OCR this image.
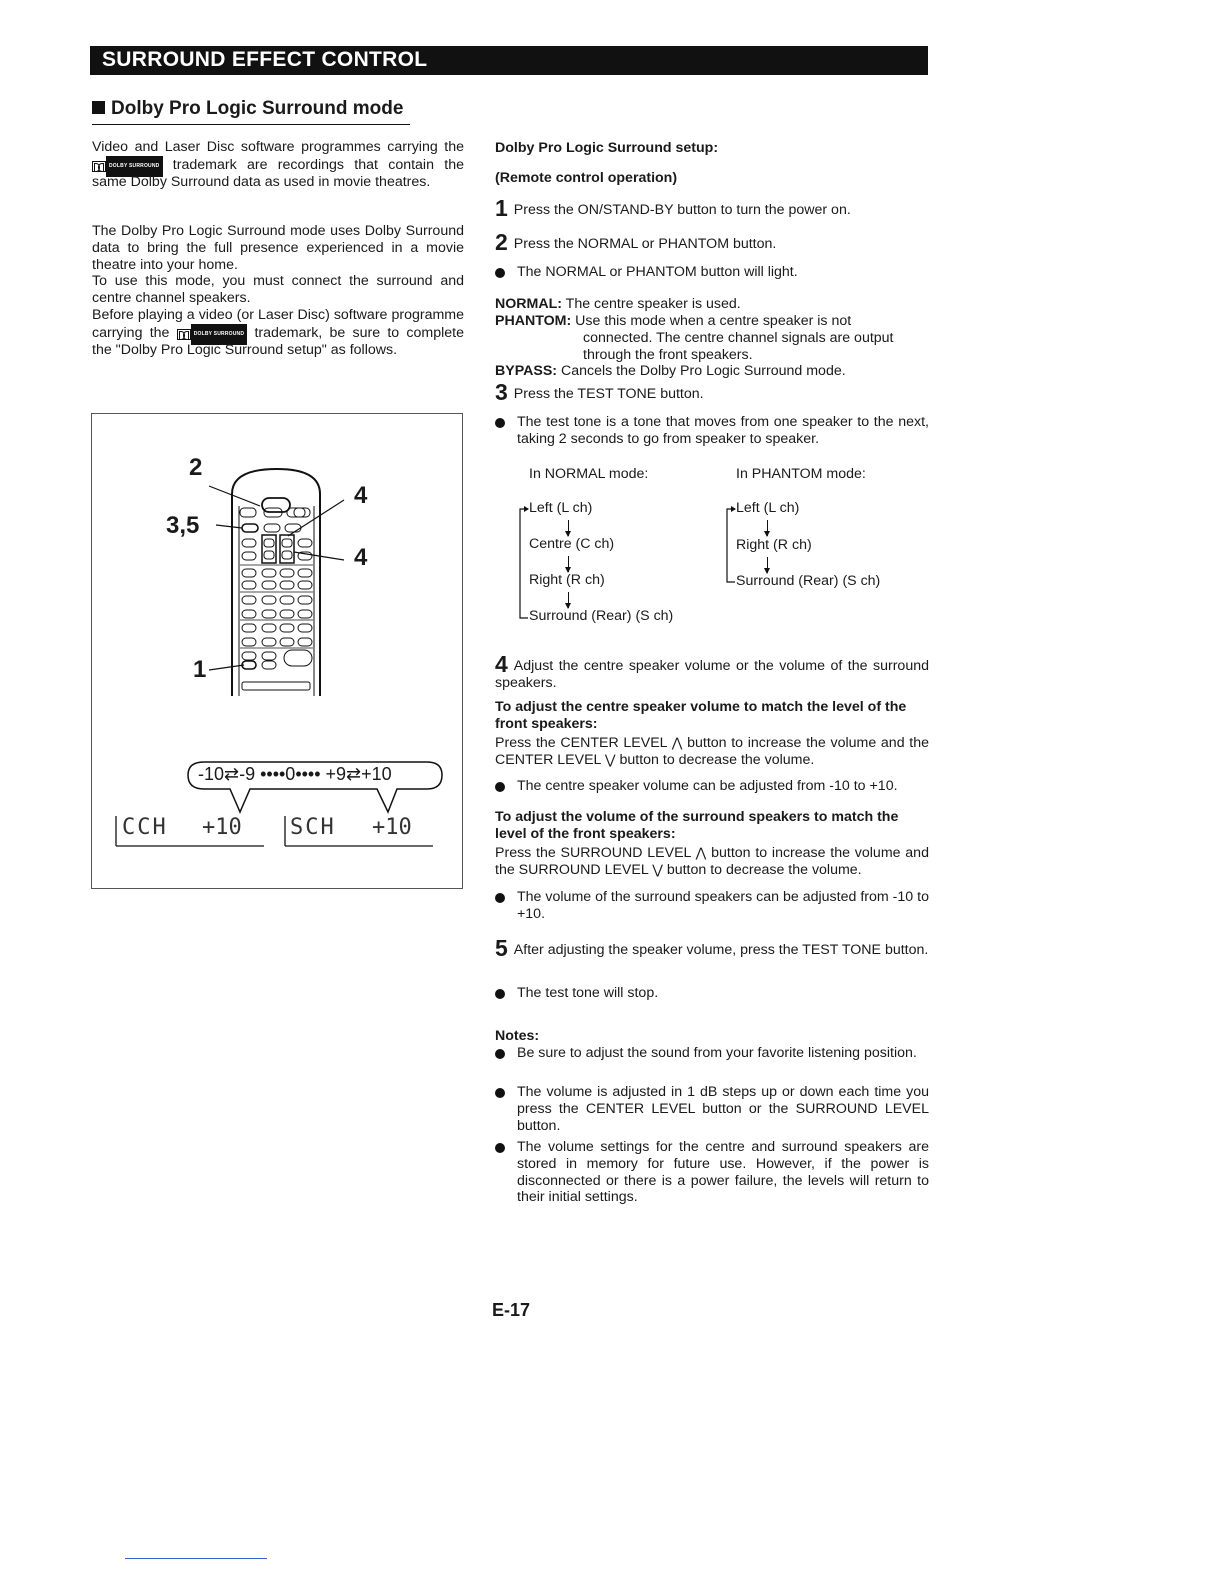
SURROUND EFFECT CONTROL
Dolby Pro Logic Surround mode

Video and Laser Disc software programmes carrying the DOLBY SURROUND trademark are recordings that contain the same Dolby Surround data as used in movie theatres.

The Dolby Pro Logic Surround mode uses Dolby Surround data to bring the full presence experienced in a movie theatre into your home.

To use this mode, you must connect the surround and centre channel speakers.

Before playing a video (or Laser Disc) software programme carrying the	DOLBY SURROUND trademark, be sure to complete the "Dolby Pro Logic Surround setup" as follows.

2
3,5
4
4
1
-10⇄-9 ••••0•••• +9⇄+10
CCH +10 SCH +10
Dolby Pro Logic Surround setup:
(Remote control operation)
1 Press the ON/STAND-BY button to turn the power on.
2 Press the NORMAL or PHANTOM button.
The NORMAL or PHANTOM button will light.
NORMAL: The centre speaker is used.
PHANTOM: Use this mode when a centre speaker is not
connected. The centre channel signals are output through the front speakers.
BYPASS: Cancels the Dolby Pro Logic Surround mode.
3 Press the TEST TONE button.
The test tone is a tone that moves from one speaker to the next, taking 2 seconds to go from speaker to speaker.
In NORMAL mode:	In PHANTOM mode:
Left (L ch)
Centre (C ch)
Right (R ch)
Surround (Rear) (S ch)
Left (L ch)
Right (R ch)
Surround (Rear) (S ch)
4 Adjust the centre speaker volume or the volume of the surround speakers.
To adjust the centre speaker volume to match the level of the front speakers:
Press the CENTER LEVEL ⋀ button to increase the volume and the CENTER LEVEL ⋁ button to decrease the volume.
The centre speaker volume can be adjusted from -10 to +10.
To adjust the volume of the surround speakers to match the level of the front speakers:
Press the SURROUND LEVEL ⋀ button to increase the volume and the SURROUND LEVEL ⋁ button to decrease the volume.
The volume of the surround speakers can be adjusted from -10 to +10.
5 After adjusting the speaker volume, press the TEST TONE button.
The test tone will stop.
Notes:
Be sure to adjust the sound from your favorite listening position.
The volume is adjusted in 1 dB steps up or down each time you press the CENTER LEVEL button or the SURROUND LEVEL button.
The volume settings for the centre and surround speakers are stored in memory for future use. However, if the power is disconnected or there is a power failure, the levels will return to their initial settings.
E-17
